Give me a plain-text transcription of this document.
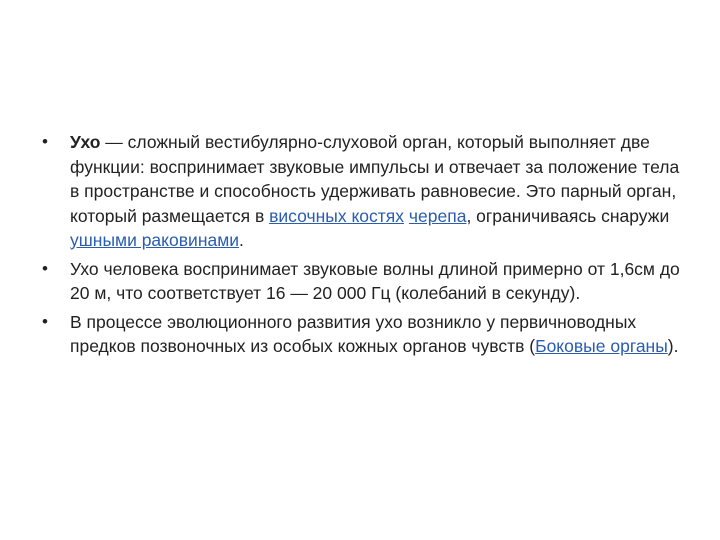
• Ухо — сложный вестибулярно-слуховой орган, который выполняет две функции: воспринимает звуковые импульсы и отвечает за положение тела в пространстве и способность удерживать равновесие. Это парный орган, который размещается в височных костях черепа, ограничиваясь снаружи ушными раковинами.
• Ухо человека воспринимает звуковые волны длиной примерно от 1,6см до 20 м, что соответствует 16 — 20 000 Гц (колебаний в секунду).
• В процессе эволюционного развития ухо возникло у первичноводных предков позвоночных из особых кожных органов чувств (Боковые органы).
